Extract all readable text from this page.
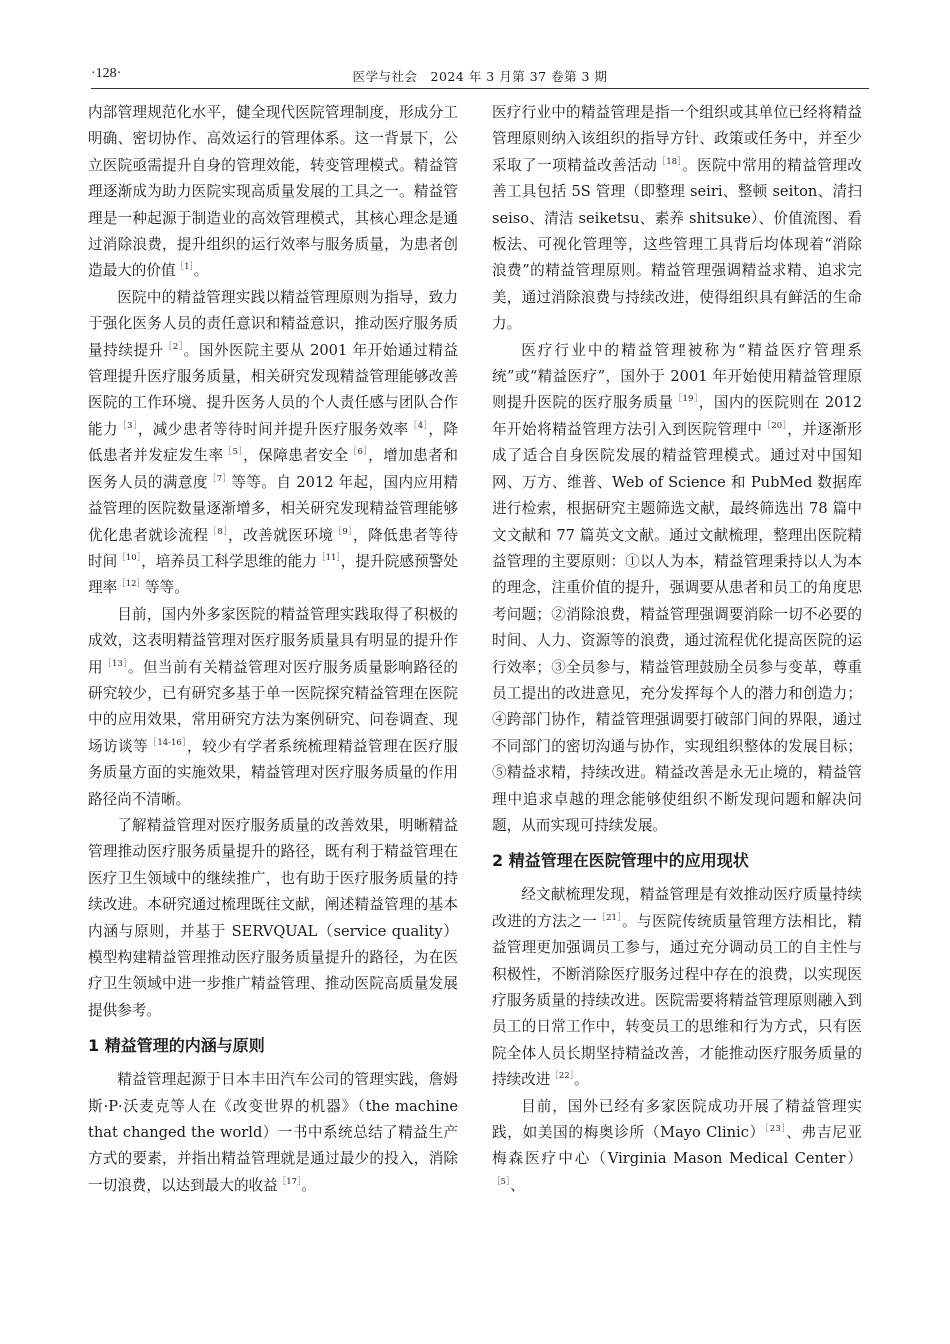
·128·	医学与社会　2024 年 3 月第 37 卷第 3 期

内部管理规范化水平，健全现代医院管理制度，形成分工明确、密切协作、高效运行的管理体系。这一背景下，公立医院亟需提升自身的管理效能，转变管理模式。精益管理逐渐成为助力医院实现高质量发展的工具之一。精益管理是一种起源于制造业的高效管理模式，其核心理念是通过消除浪费，提升组织的运行效率与服务质量，为患者创造最大的价值$^{[1]}$。

医院中的精益管理实践以精益管理原则为指导，致力于强化医务人员的责任意识和精益意识，推动医疗服务质量持续提升$^{[2]}$。国外医院主要从 2001 年开始通过精益管理提升医疗服务质量，相关研究发现精益管理能够改善医院的工作环境、提升医务人员的个人责任感与团队合作能力$^{[3]}$，减少患者等待时间并提升医疗服务效率$^{[4]}$，降低患者并发症发生率$^{[5]}$，保障患者安全$^{[6]}$，增加患者和医务人员的满意度$^{[7]}$等等。自 2012 年起，国内应用精益管理的医院数量逐渐增多，相关研究发现精益管理能够优化患者就诊流程$^{[8]}$，改善就医环境$^{[9]}$，降低患者等待时间$^{[10]}$，培养员工科学思维的能力$^{[11]}$，提升院感预警处理率$^{[12]}$等等。

目前，国内外多家医院的精益管理实践取得了积极的成效，这表明精益管理对医疗服务质量具有明显的提升作用$^{[13]}$。但当前有关精益管理对医疗服务质量影响路径的研究较少，已有研究多基于单一医院探究精益管理在医院中的应用效果，常用研究方法为案例研究、问卷调查、现场访谈等$^{[14-16]}$，较少有学者系统梳理精益管理在医疗服务质量方面的实施效果，精益管理对医疗服务质量的作用路径尚不清晰。

了解精益管理对医疗服务质量的改善效果，明晰精益管理推动医疗服务质量提升的路径，既有利于精益管理在医疗卫生领域中的继续推广，也有助于医疗服务质量的持续改进。本研究通过梳理既往文献，阐述精益管理的基本内涵与原则，并基于 SERVQUAL（service quality）模型构建精益管理推动医疗服务质量提升的路径，为在医疗卫生领域中进一步推广精益管理、推动医院高质量发展提供参考。

1 精益管理的内涵与原则

精益管理起源于日本丰田汽车公司的管理实践，詹姆斯·P·沃麦克等人在《改变世界的机器》（the machine that changed the world）一书中系统总结了精益生产方式的要素，并指出精益管理就是通过最少的投入，消除一切浪费，以达到最大的收益$^{[17]}$。

医疗行业中的精益管理是指一个组织或其单位已经将精益管理原则纳入该组织的指导方针、政策或任务中，并至少采取了一项精益改善活动$^{[18]}$。医院中常用的精益管理改善工具包括 5S 管理（即整理 seiri、整顿 seiton、清扫 seiso、清洁 seiketsu、素养 shitsuke）、价值流图、看板法、可视化管理等，这些管理工具背后均体现着“消除浪费”的精益管理原则。精益管理强调精益求精、追求完美，通过消除浪费与持续改进，使得组织具有鲜活的生命力。

医疗行业中的精益管理被称为“精益医疗管理系统”或“精益医疗”，国外于 2001 年开始使用精益管理原则提升医院的医疗服务质量$^{[19]}$，国内的医院则在 2012 年开始将精益管理方法引入到医院管理中$^{[20]}$，并逐渐形成了适合自身医院发展的精益管理模式。通过对中国知网、万方、维普、Web of Science 和 PubMed 数据库进行检索，根据研究主题筛选文献，最终筛选出 78 篇中文文献和 77 篇英文文献。通过文献梳理，整理出医院精益管理的主要原则：①以人为本，精益管理秉持以人为本的理念，注重价值的提升，强调要从患者和员工的角度思考问题；②消除浪费，精益管理强调要消除一切不必要的时间、人力、资源等的浪费，通过流程优化提高医院的运行效率；③全员参与，精益管理鼓励全员参与变革，尊重员工提出的改进意见，充分发挥每个人的潜力和创造力；④跨部门协作，精益管理强调要打破部门间的界限，通过不同部门的密切沟通与协作，实现组织整体的发展目标；⑤精益求精，持续改进。精益改善是永无止境的，精益管理中追求卓越的理念能够使组织不断发现问题和解决问题，从而实现可持续发展。

2 精益管理在医院管理中的应用现状

经文献梳理发现，精益管理是有效推动医疗质量持续改进的方法之一$^{[21]}$。与医院传统质量管理方法相比，精益管理更加强调员工参与，通过充分调动员工的自主性与积极性，不断消除医疗服务过程中存在的浪费，以实现医疗服务质量的持续改进。医院需要将精益管理原则融入到员工的日常工作中，转变员工的思维和行为方式，只有医院全体人员长期坚持精益改善，才能推动医疗服务质量的持续改进$^{[22]}$。

目前，国外已经有多家医院成功开展了精益管理实践，如美国的梅奥诊所（Mayo Clinic）$^{[23]}$、弗吉尼亚梅森医疗中心（Virginia Mason Medical Center）$^{[5]}$、
